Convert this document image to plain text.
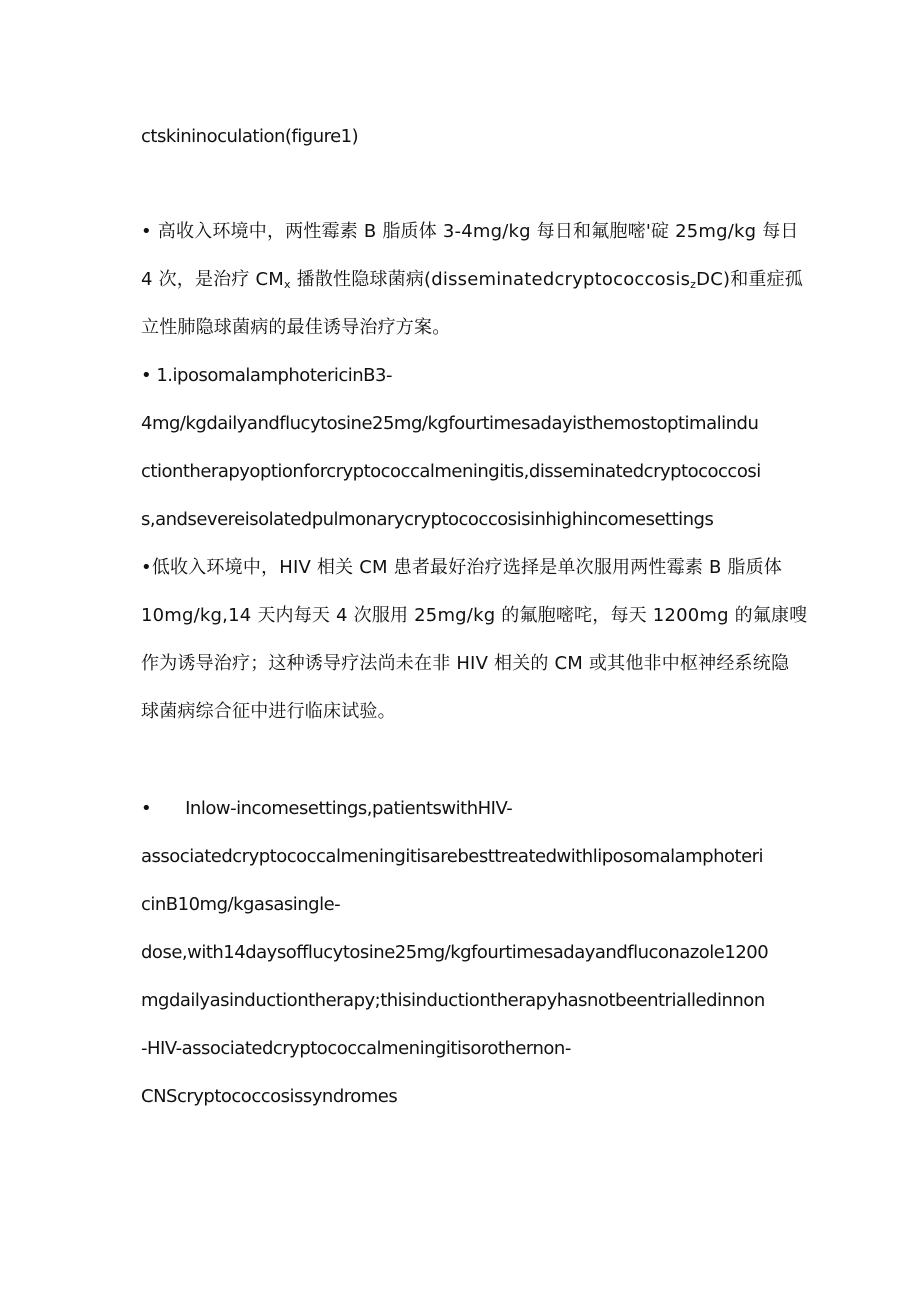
ctskininoculation(figure1)
• 高收入环境中，两性霉素 B 脂质体 3-4mg/kg 每日和氟胞嘧'碇 25mg/kg 每日
4 次，是治疗 $CM_x$ 播散性隐球菌病(disseminatedcryptococcosis$_z$DC)和重症孤
立性肺隐球菌病的最佳诱导治疗方案。
• 1.iposomalamphotericinB3-
4mg/kgdailyandflucytosine25mg/kgfourtimesadayisthemostoptimalindu
ctiontherapyoptionforcryptococcalmeningitis,disseminatedcryptococcosi
s,andsevereisolatedpulmonarycryptococcosisinhighincomesettings
•低收入环境中，HIV 相关 CM 患者最好治疗选择是单次服用两性霉素 B 脂质体
10mg/kg,14 天内每天 4 次服用 25mg/kg 的氟胞嘧咤，每天 1200mg 的氟康嗖
作为诱导治疗；这种诱导疗法尚未在非 HIV 相关的 CM 或其他非中枢神经系统隐
球菌病综合征中进行临床试验。
• Inlow-incomesettings,patientswithHIV-
associatedcryptococcalmeningitisarebesttreatedwithliposomalamphoteri
cinB10mg/kgasasingle-
dose,with14daysofflucytosine25mg/kgfourtimesadayandfluconazole1200
mgdailyasinductiontherapy;thisinductiontherapyhasnotbeentrialledinnon
-HIV-associatedcryptococcalmeningitisorothernon-
CNScryptococcosissyndromes
